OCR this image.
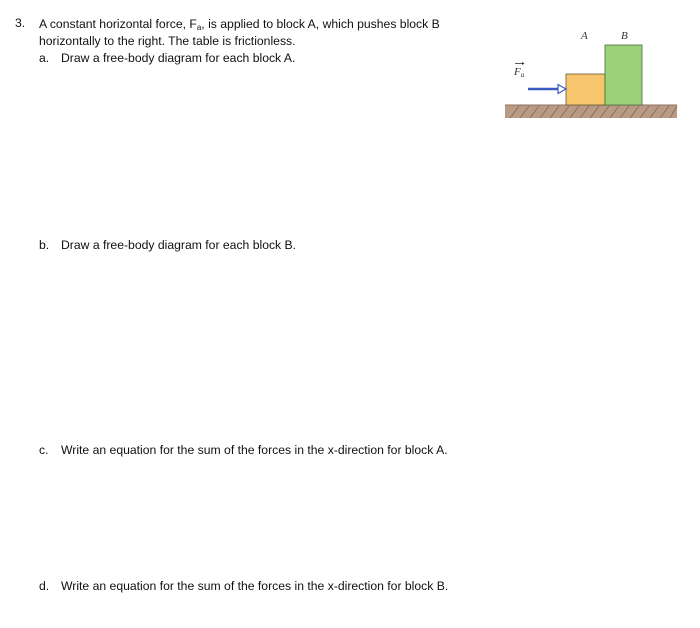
3. A constant horizontal force, $F_a$, is applied to block A, which pushes block B
horizontally to the right. The table is frictionless.
a. Draw a free-body diagram for each block A.
b. Draw a free-body diagram for each block B.
c. Write an equation for the sum of the forces in the x-direction for block A.
d. Write an equation for the sum of the forces in the x-direction for block B.
A	B
Fa
